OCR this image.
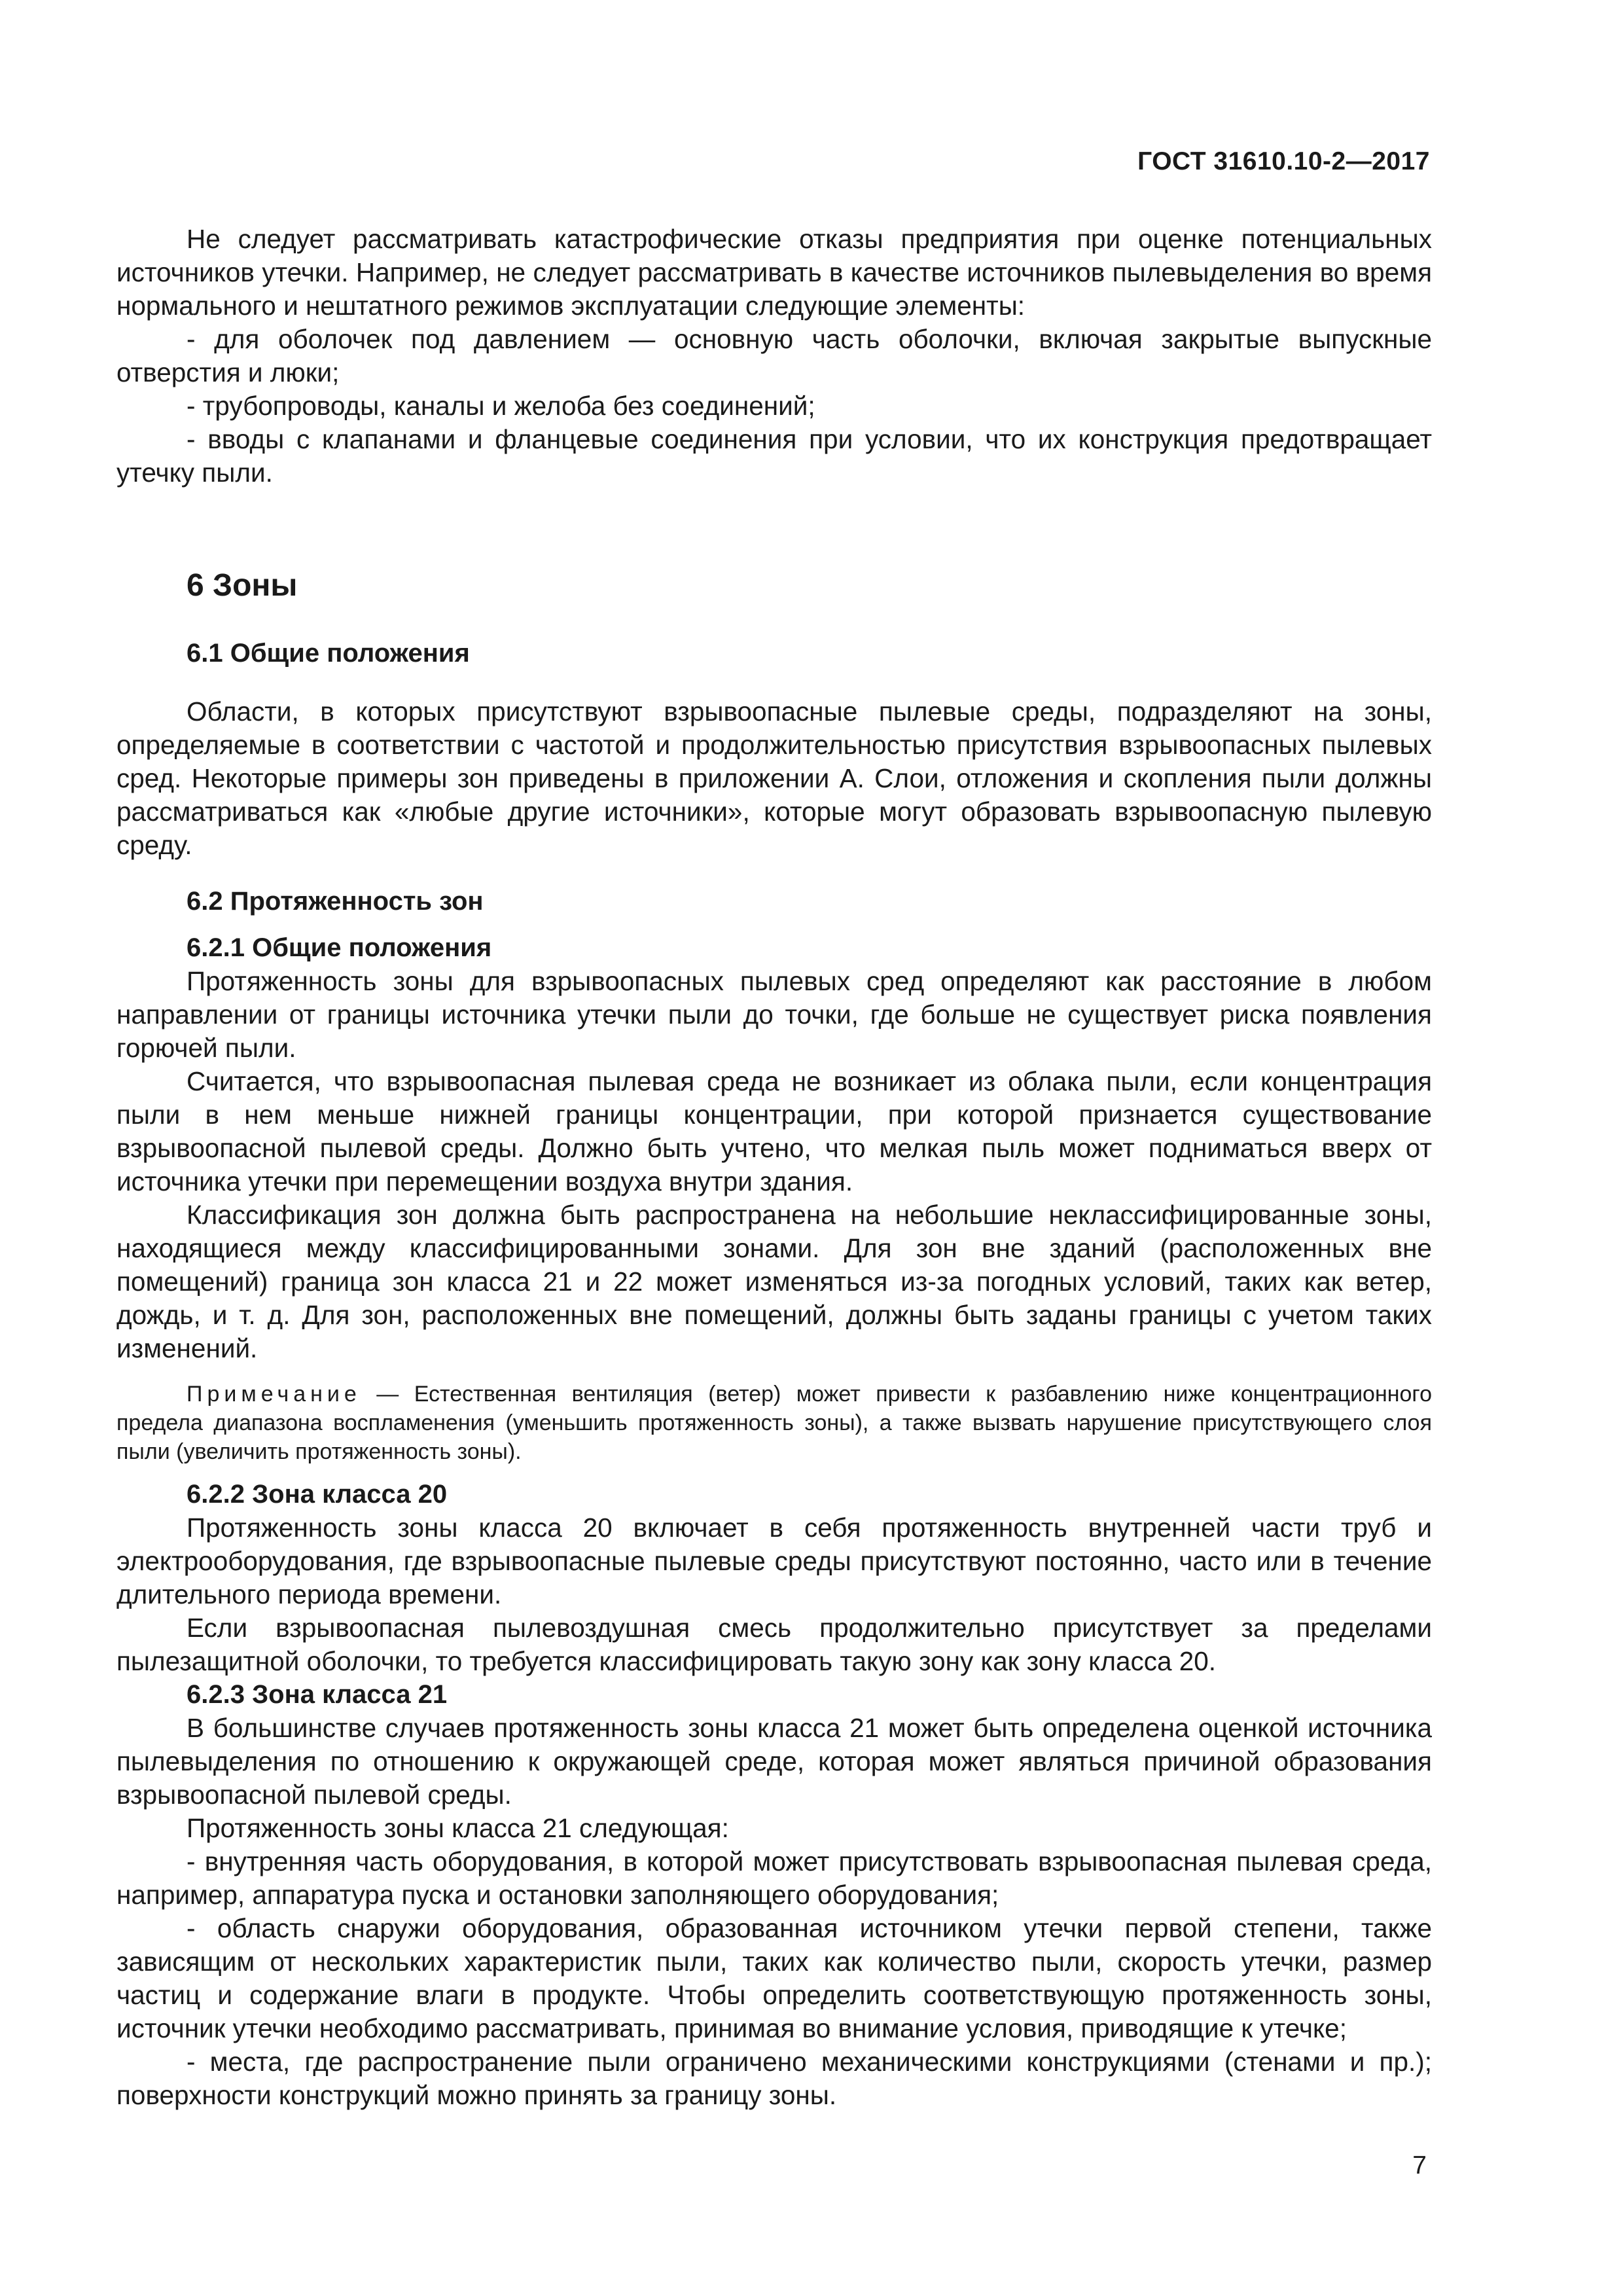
ГОСТ 31610.10-2—2017

Не следует рассматривать катастрофические отказы предприятия при оценке потенциальных источников утечки. Например, не следует рассматривать в качестве источников пылевыделения во время нормального и нештатного режимов эксплуатации следующие элементы:

- для оболочек под давлением — основную часть оболочки, включая закрытые выпускные отверстия и люки;

- трубопроводы, каналы и желоба без соединений;

- вводы с клапанами и фланцевые соединения при условии, что их конструкция предотвращает утечку пыли.

6 Зоны
6.1 Общие положения

Области, в которых присутствуют взрывоопасные пылевые среды, подразделяют на зоны, определяемые в соответствии с частотой и продолжительностью присутствия взрывоопасных пылевых сред. Некоторые примеры зон приведены в приложении А. Слои, отложения и скопления пыли должны рассматриваться как «любые другие источники», которые могут образовать взрывоопасную пылевую среду.

6.2 Протяженность зон
6.2.1 Общие положения

Протяженность зоны для взрывоопасных пылевых сред определяют как расстояние в любом направлении от границы источника утечки пыли до точки, где больше не существует риска появления горючей пыли.

Считается, что взрывоопасная пылевая среда не возникает из облака пыли, если концентрация пыли в нем меньше нижней границы концентрации, при которой признается существование взрывоопасной пылевой среды. Должно быть учтено, что мелкая пыль может подниматься вверх от источника утечки при перемещении воздуха внутри здания.

Классификация зон должна быть распространена на небольшие неклассифицированные зоны, находящиеся между классифицированными зонами. Для зон вне зданий (расположенных вне помещений) граница зон класса 21 и 22 может изменяться из-за погодных условий, таких как ветер, дождь, и т. д. Для зон, расположенных вне помещений, должны быть заданы границы с учетом таких изменений.

Примечание — Естественная вентиляция (ветер) может привести к разбавлению ниже концентрационного предела диапазона воспламенения (уменьшить протяженность зоны), а также вызвать нарушение присутствующего слоя пыли (увеличить протяженность зоны).
6.2.2 Зона класса 20

Протяженность зоны класса 20 включает в себя протяженность внутренней части труб и электрооборудования, где взрывоопасные пылевые среды присутствуют постоянно, часто или в течение длительного периода времени.

Если взрывоопасная пылевоздушная смесь продолжительно присутствует за пределами пылезащитной оболочки, то требуется классифицировать такую зону как зону класса 20.

6.2.3 Зона класса 21

В большинстве случаев протяженность зоны класса 21 может быть определена оценкой источника пылевыделения по отношению к окружающей среде, которая может являться причиной образования взрывоопасной пылевой среды.

Протяженность зоны класса 21 следующая:

- внутренняя часть оборудования, в которой может присутствовать взрывоопасная пылевая среда, например, аппаратура пуска и остановки заполняющего оборудования;

- область снаружи оборудования, образованная источником утечки первой степени, также зависящим от нескольких характеристик пыли, таких как количество пыли, скорость утечки, размер частиц и содержание влаги в продукте. Чтобы определить соответствующую протяженность зоны, источник утечки необходимо рассматривать, принимая во внимание условия, приводящие к утечке;

- места, где распространение пыли ограничено механическими конструкциями (стенами и пр.); поверхности конструкций можно принять за границу зоны.

7
